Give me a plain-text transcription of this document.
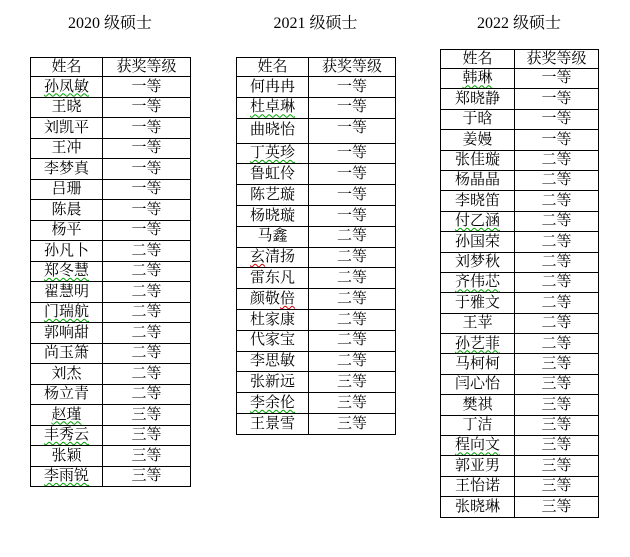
2020 级硕士
姓名	获奖等级
孙凤敏	一等
王晓	一等
刘凯平	一等
王冲	一等
李梦真	一等
吕珊	一等
陈晨	一等
杨平	一等
孙凡卜	二等
郑冬慧	二等
翟慧明	二等
门瑞航	二等
郭响甜	二等
尚玉箫	二等
刘杰	二等
杨立青	二等
赵瑾	三等
丰秀云	三等
张颖	三等
李雨锐	三等
2021 级硕士
姓名	获奖等级
何冉冉	一等
杜卓琳	一等
曲晓怡	一等
丁英珍	一等
鲁虹伶	一等
陈艺璇	一等
杨晓璇	一等
马鑫	二等
玄清扬	二等
雷东凡	二等
颜敬倍	二等
杜家康	二等
代家宝	二等
李思敏	二等
张新远	三等
李余伦	三等
王景雪	三等
2022 级硕士
姓名	获奖等级
韩琳	一等
郑晓静	一等
于晗	一等
姜嫚	一等
张佳璇	二等
杨晶晶	二等
李晓笛	二等
付乙涵	二等
孙国荣	二等
刘梦秋	二等
齐伟芯	二等
于雅文	二等
王苹	二等
孙艺菲	二等
马柯柯	三等
闫心怡	三等
樊祺	三等
丁洁	三等
程向文	三等
郭亚男	三等
王怡诺	三等
张晓琳	三等
